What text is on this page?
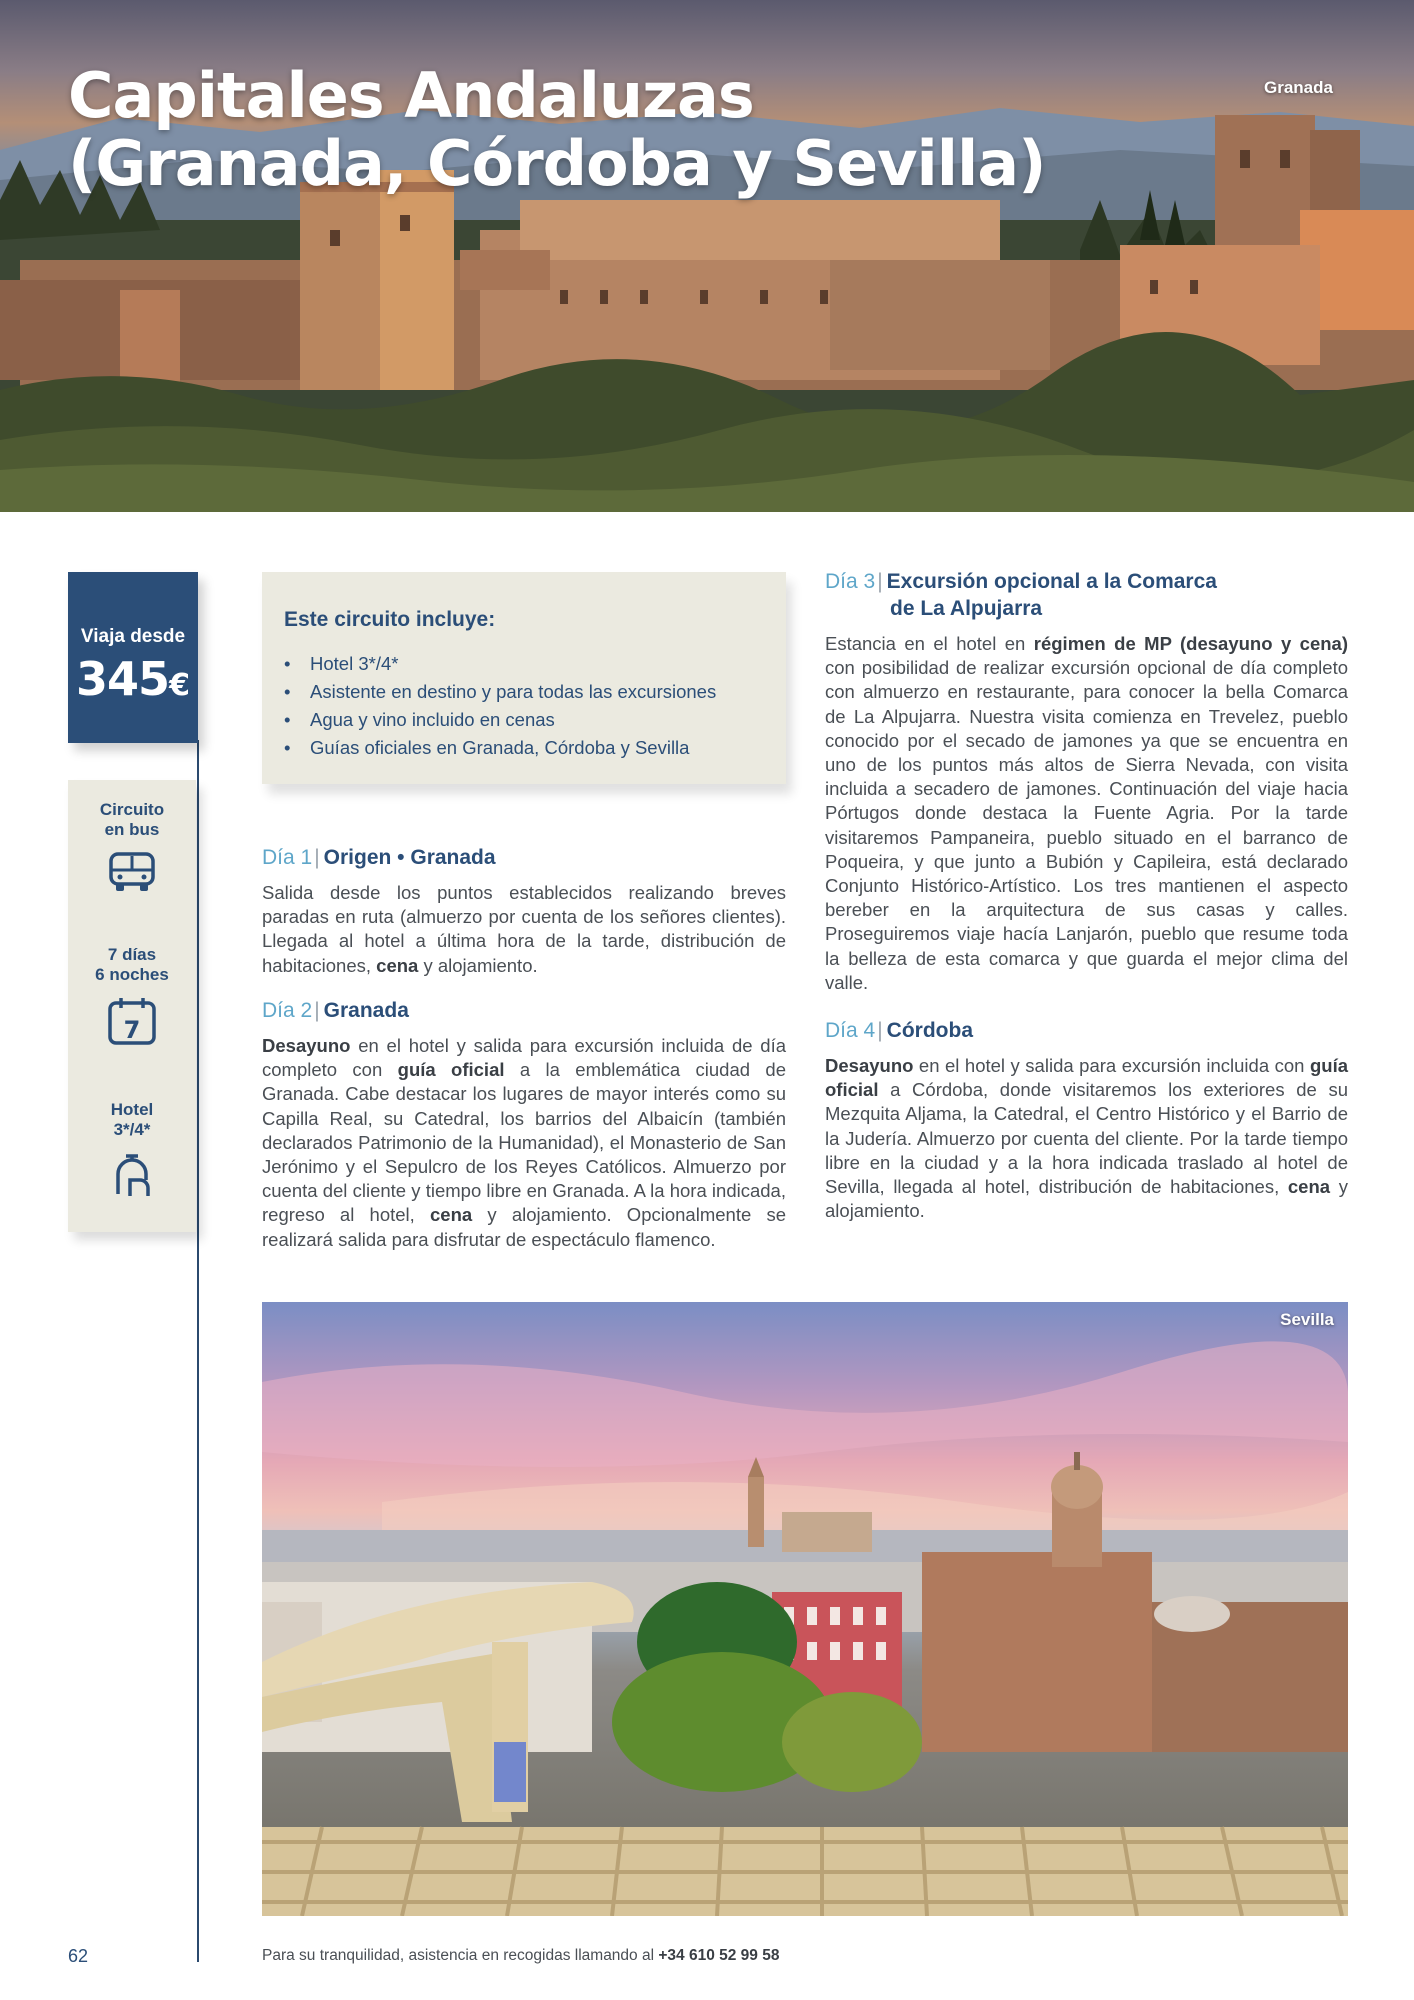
Capitales Andaluzas
(Granada, Córdoba y Sevilla)
Granada
Viaja desde
345€
Circuito
en bus
7 días
6 noches
7
Hotel
3*/4*
Este circuito incluye:
• Hotel 3*/4*
• Asistente en destino y para todas las excursiones
• Agua y vino incluido en cenas
• Guías oficiales en Granada, Córdoba y Sevilla
Día 1| Origen • Granada

Salida desde los puntos establecidos realizando breves paradas en ruta (almuerzo por cuenta de los señores clientes). Llegada al hotel a última hora de la tarde, distribución de habitaciones, cena y alojamiento.

Día 2| Granada

Desayuno en el hotel y salida para excursión incluida de día completo con guía oficial a la emblemática ciudad de Granada. Cabe destacar los lugares de mayor interés como su Capilla Real, su Catedral, los barrios del Albaicín (también declarados Patrimonio de la Humanidad), el Monasterio de San Jerónimo y el Sepulcro de los Reyes Católicos. Almuerzo por cuenta del cliente y tiempo libre en Granada. A la hora indicada, regreso al hotel, cena y alojamiento. Opcionalmente se realizará salida para disfrutar de espectáculo flamenco.

Día 3| Excursión opcional a la Comarca
de La Alpujarra

Estancia en el hotel en régimen de MP (desayuno y cena) con posibilidad de realizar excursión opcional de día completo con almuerzo en restaurante, para conocer la bella Comarca de La Alpujarra. Nuestra visita comienza en Trevelez, pueblo conocido por el secado de jamones ya que se encuentra en uno de los puntos más altos de Sierra Nevada, con visita incluida a secadero de jamones. Continuación del viaje hacia Pórtugos donde destaca la Fuente Agria. Por la tarde visitaremos Pampaneira, pueblo situado en el barranco de Poqueira, y que junto a Bubión y Capileira, está declarado Conjunto Histórico-Artístico. Los tres mantienen el aspecto bereber en la arquitectura de sus casas y calles. Proseguiremos viaje hacía Lanjarón, pueblo que resume toda la belleza de esta comarca y que guarda el mejor clima del valle.

Día 4| Córdoba

Desayuno en el hotel y salida para excursión incluida con guía oficial a Córdoba, donde visitaremos los exteriores de su Mezquita Aljama, la Catedral, el Centro Histórico y el Barrio de la Judería. Almuerzo por cuenta del cliente. Por la tarde tiempo libre en la ciudad y a la hora indicada traslado al hotel de Sevilla, llegada al hotel, distribución de habitaciones, cena y alojamiento.

Sevilla
62	Para su tranquilidad, asistencia en recogidas llamando al +34 610 52 99 58
